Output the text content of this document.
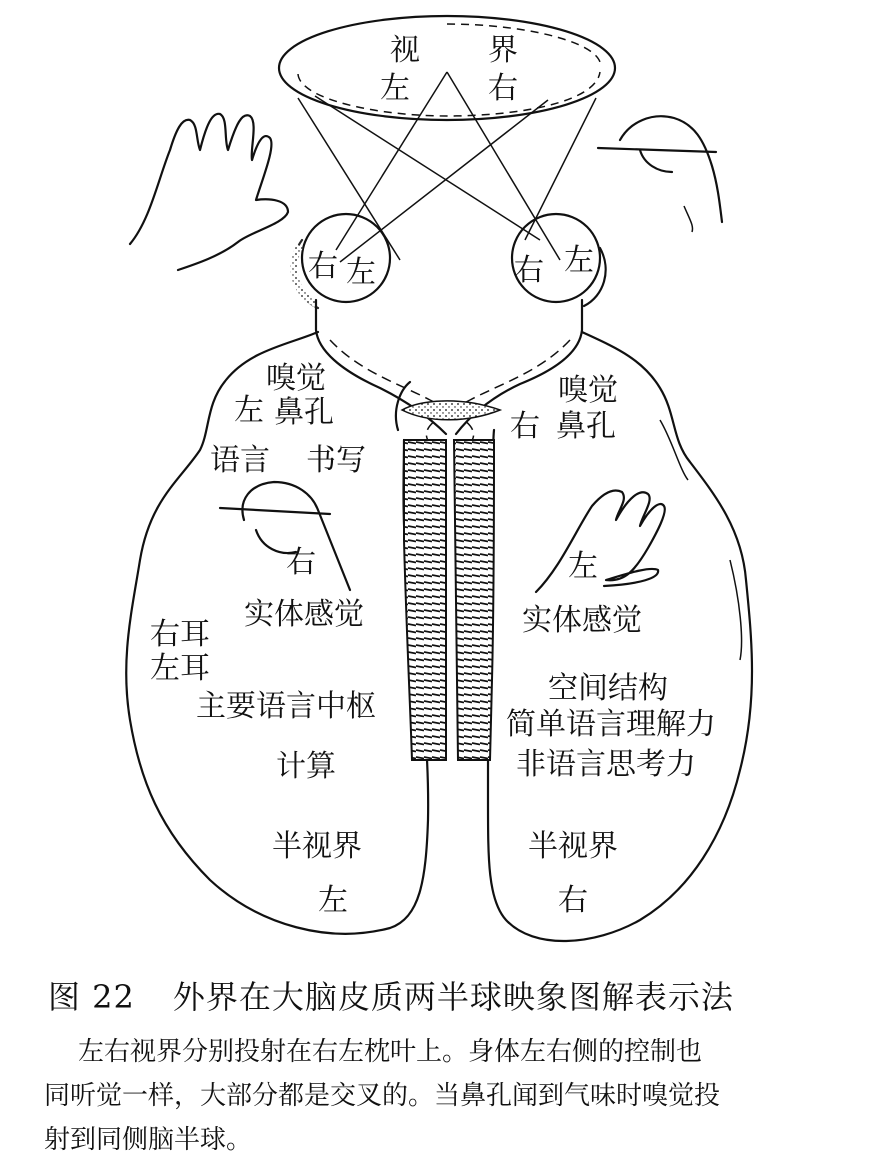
视 界
左	右
右 左	右 左
嗅觉
左 鼻孔
语言 书写
右
实体感觉
右耳
左耳
主要语言中枢
计算
半视界
左
嗅觉
右 鼻孔
左
实体感觉
空间结构
简单语言理解力
非语言思考力
半视界
右
图 22 外界在大脑皮质两半球映象图解表示法

左右视界分别投射在右左枕叶上。身体左右侧的控制也

同听觉一样，大部分都是交叉的。当鼻孔闻到气味时嗅觉投

射到同侧脑半球。
